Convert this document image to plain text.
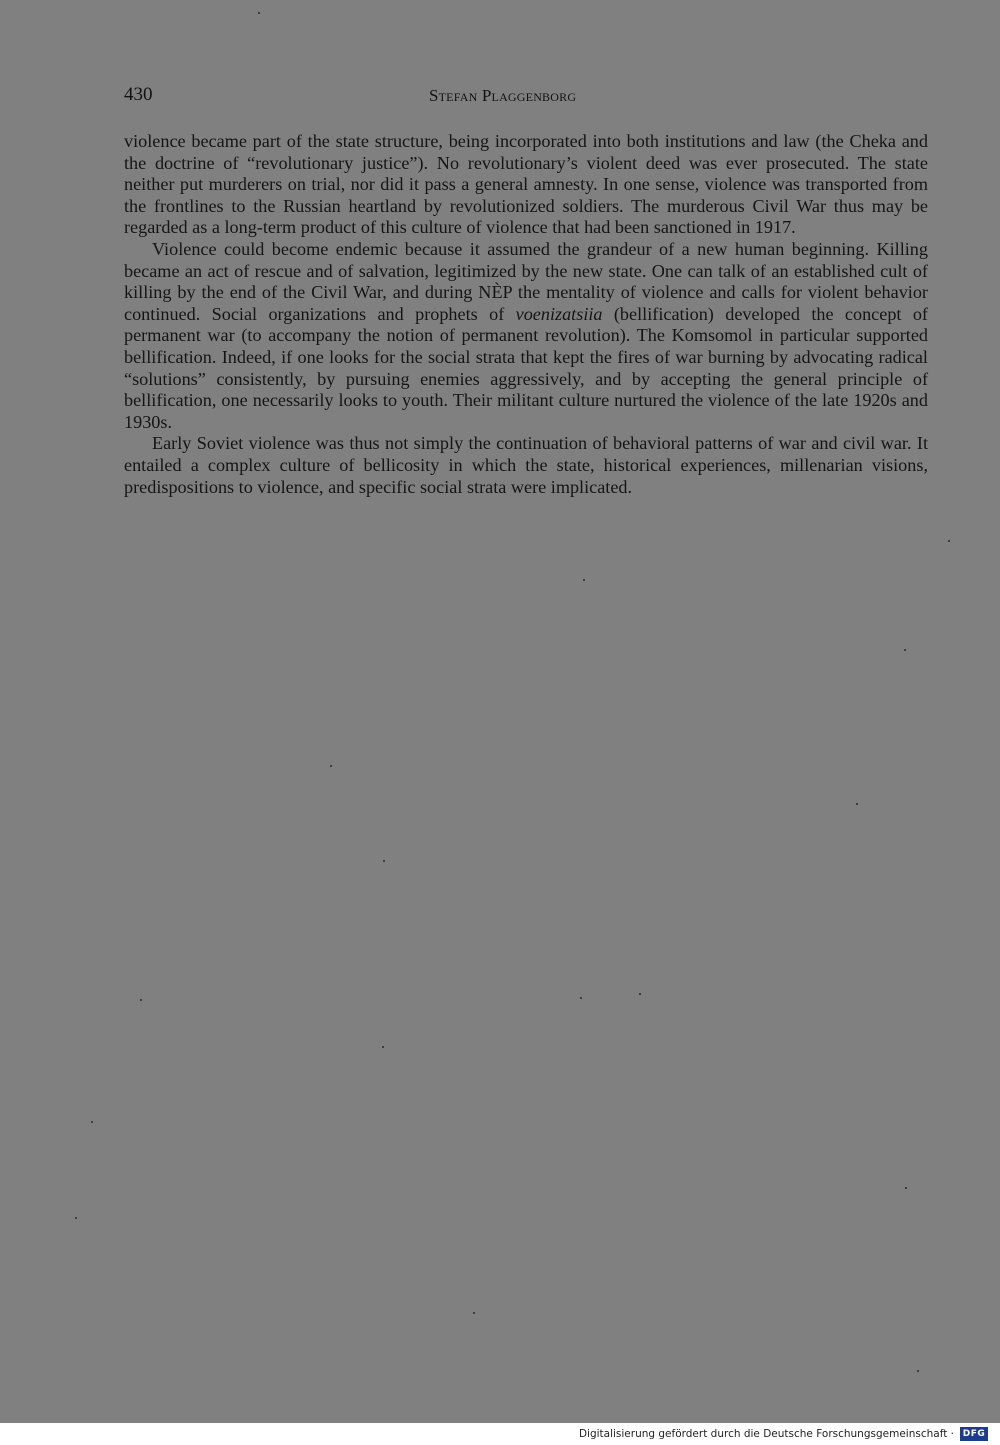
430	Stefan Plaggenborg

violence became part of the state structure, being incorporated into both institutions and law (the Cheka and the doctrine of “revolutionary justice”). No revolutionary’s violent deed was ever prosecuted. The state neither put murderers on trial, nor did it pass a general amnesty. In one sense, violence was transported from the frontlines to the Russian heartland by revolutionized soldiers. The murderous Civil War thus may be regarded as a long-term product of this culture of violence that had been sanctioned in 1917.

Violence could become endemic because it assumed the grandeur of a new human beginning. Killing became an act of rescue and of salvation, legitimized by the new state. One can talk of an established cult of killing by the end of the Civil War, and during NÈP the mentality of violence and calls for violent behavior continued. Social organizations and prophets of voenizatsiia (bellification) developed the concept of permanent war (to accompany the notion of permanent revolution). The Komsomol in particular supported bellification. Indeed, if one looks for the social strata that kept the fires of war burning by advocating radical “solutions” consistently, by pursuing enemies aggressively, and by accepting the general principle of bellification, one necessarily looks to youth. Their militant culture nurtured the violence of the late 1920s and 1930s.

Early Soviet violence was thus not simply the continuation of behavioral patterns of war and civil war. It entailed a complex culture of bellicosity in which the state, historical experiences, millenarian visions, predispositions to violence, and specific social strata were implicated.

Digitalisierung gefördert durch die Deutsche Forschungsgemeinschaft · DFG
